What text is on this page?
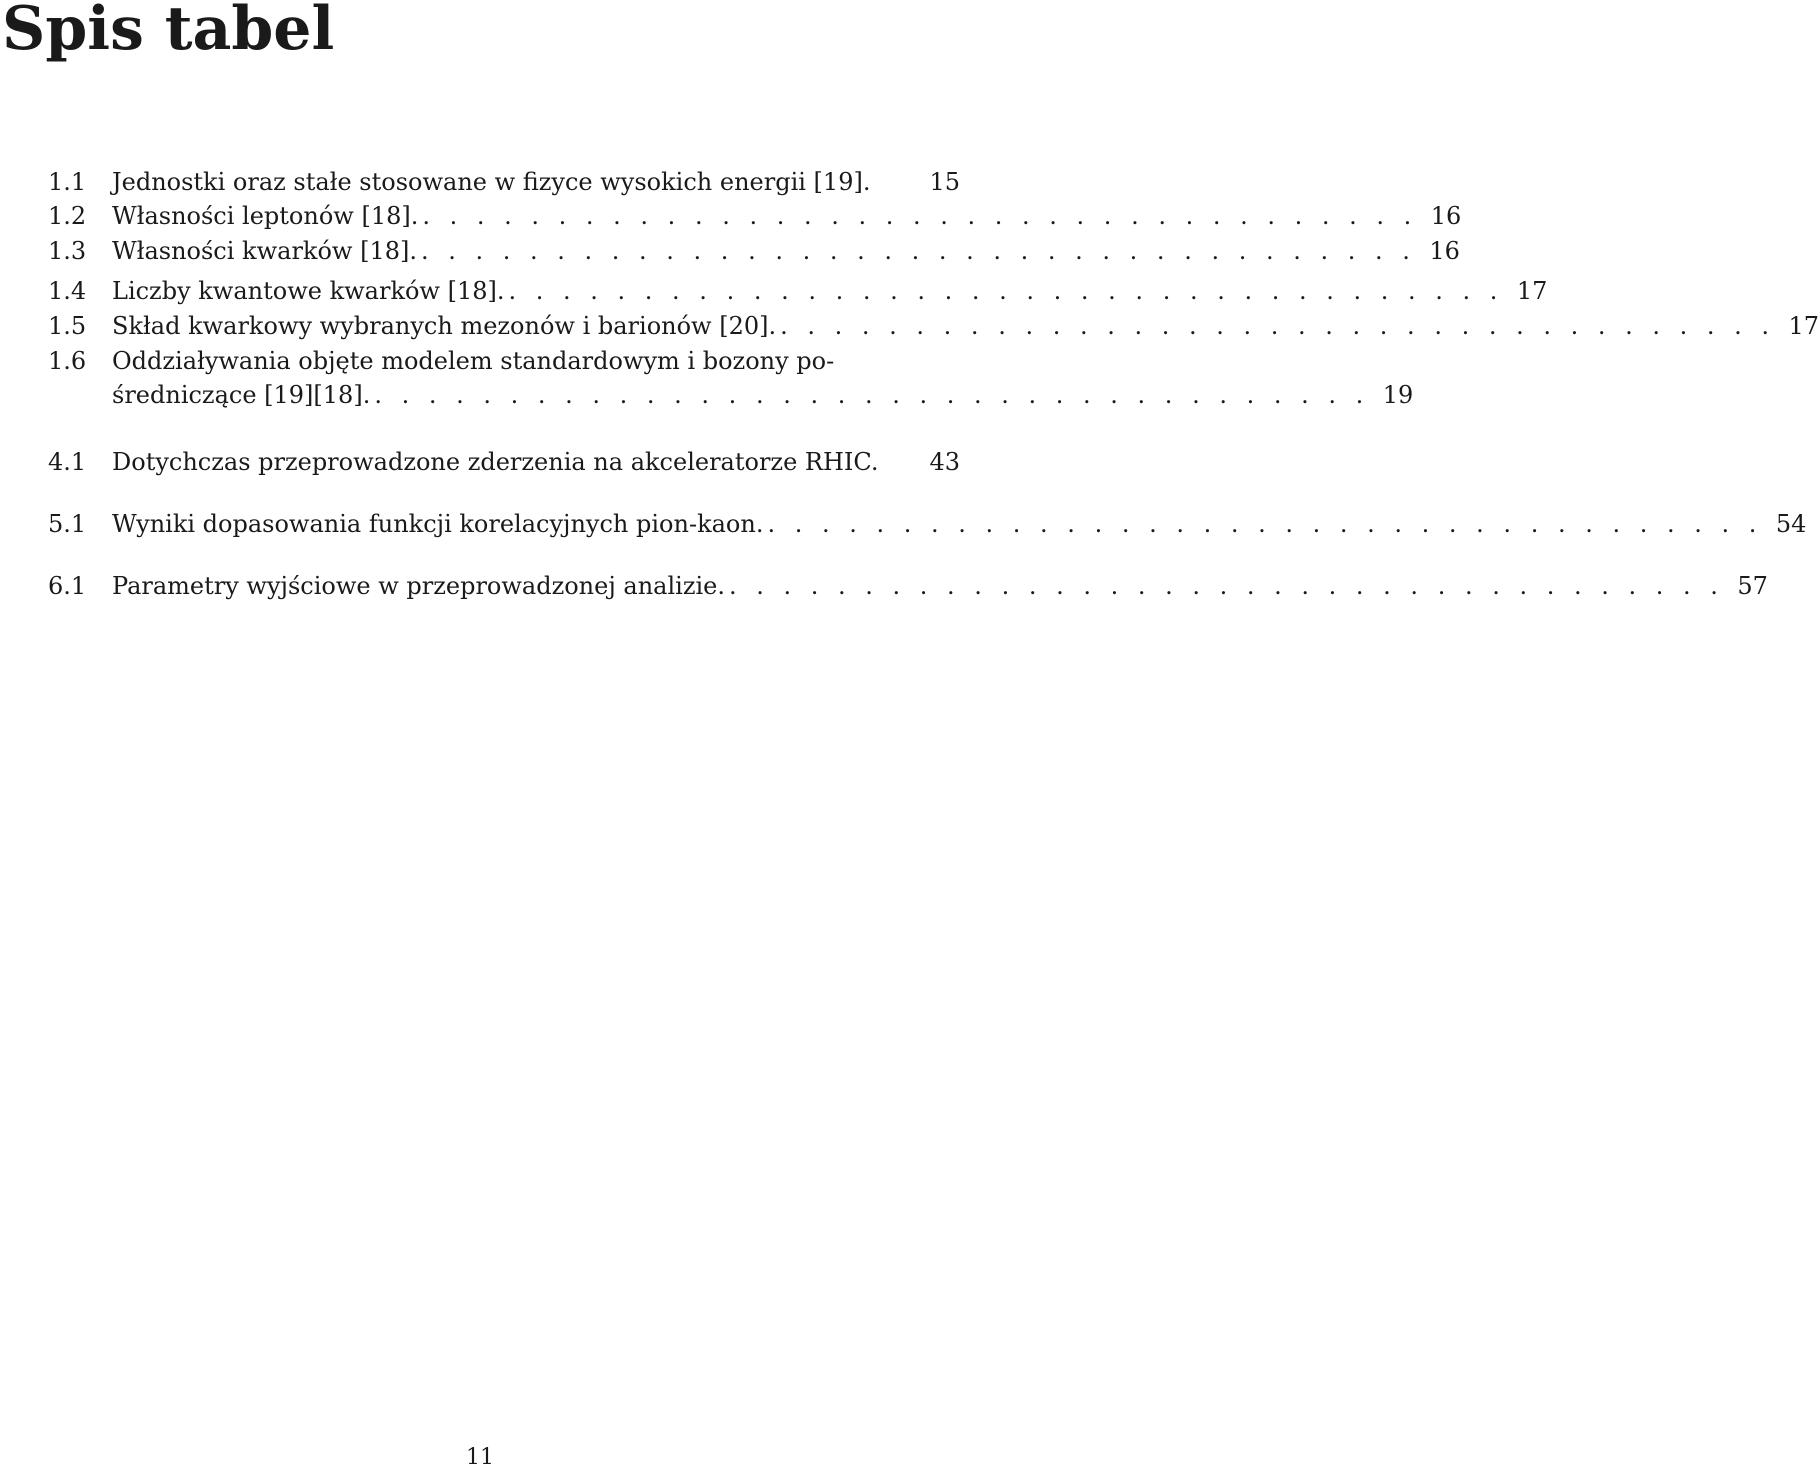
Spis tabel
1.1 Jednostki oraz stałe stosowane w fizyce wysokich energii [19].	15
1.2 Własności leptonów [18]. . . . . . . . . . . . . . . . . . . . . . . . . . . . . . . . . . . . . . 16
1.3 Własności kwarków [18]. . . . . . . . . . . . . . . . . . . . . . . . . . . . . . . . . . . . . . 16
1.4 Liczby kwantowe kwarków [18]. . . . . . . . . . . . . . . . . . . . . . . . . . . . . . . . . . . . . . 17
1.5 Skład kwarkowy wybranych mezonów i barionów [20]. . . . . . . . . . . . . . . . . . . . . . . . . . . . . . . . . . . . . . 17
1.6 Oddziaływania objęte modelem standardowym i bozony po-
średniczące [19][18]. . . . . . . . . . . . . . . . . . . . . . . . . . . . . . . . . . . . . . 19
4.1 Dotychczas przeprowadzone zderzenia na akceleratorze RHIC.	43
5.1 Wyniki dopasowania funkcji korelacyjnych pion-kaon. . . . . . . . . . . . . . . . . . . . . . . . . . . . . . . . . . . . . . 54
6.1 Parametry wyjściowe w przeprowadzonej analizie. . . . . . . . . . . . . . . . . . . . . . . . . . . . . . . . . . . . . . 57
11
